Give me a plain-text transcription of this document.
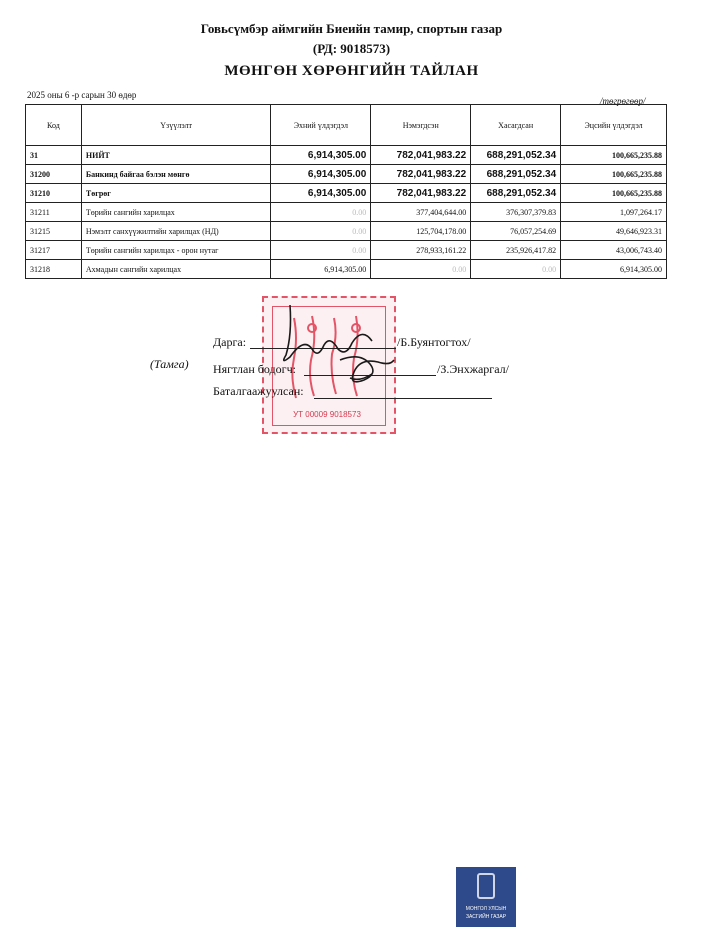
Говьсүмбэр аймгийн Биеийн тамир, спортын газар
(РД: 9018573)
МӨНГӨН ХӨРӨНГИЙН ТАЙЛАН
2025 оны 6 -р сарын 30 өдөр
/төгрөгөөр/
Код	Үзүүлэлт	Эхний үлдэгдэл	Нэмэгдсэн	Хасагдсан	Эцсийн үлдэгдэл
31	НИЙТ	6,914,305.00	782,041,983.22	688,291,052.34	100,665,235.88
31200	Банкинд байгаа бэлэн мөнгө	6,914,305.00	782,041,983.22	688,291,052.34	100,665,235.88
31210	Төгрөг	6,914,305.00	782,041,983.22	688,291,052.34	100,665,235.88
31211	Төрийн сангийн харилцах	0.00	377,404,644.00	376,307,379.83	1,097,264.17
31215	Нэмэлт санхүүжилтийн харилцах (НД)	0.00	125,704,178.00	76,057,254.69	49,646,923.31
31217	Төрийн сангийн харилцах - орон нутаг	0.00	278,933,161.22	235,926,417.82	43,006,743.40
31218	Ахмадын сангийн харилцах	6,914,305.00	0.00	0.00	6,914,305.00
УТ 00009 9018573
(Тамга)
Дарга:	/Б.Буянтогтох/
Нягтлан бодогч:	/З.Энхжаргал/
Баталгаажуулсан:
МОНГОЛ УЛСЫН
ЗАСГИЙН ГАЗАР
